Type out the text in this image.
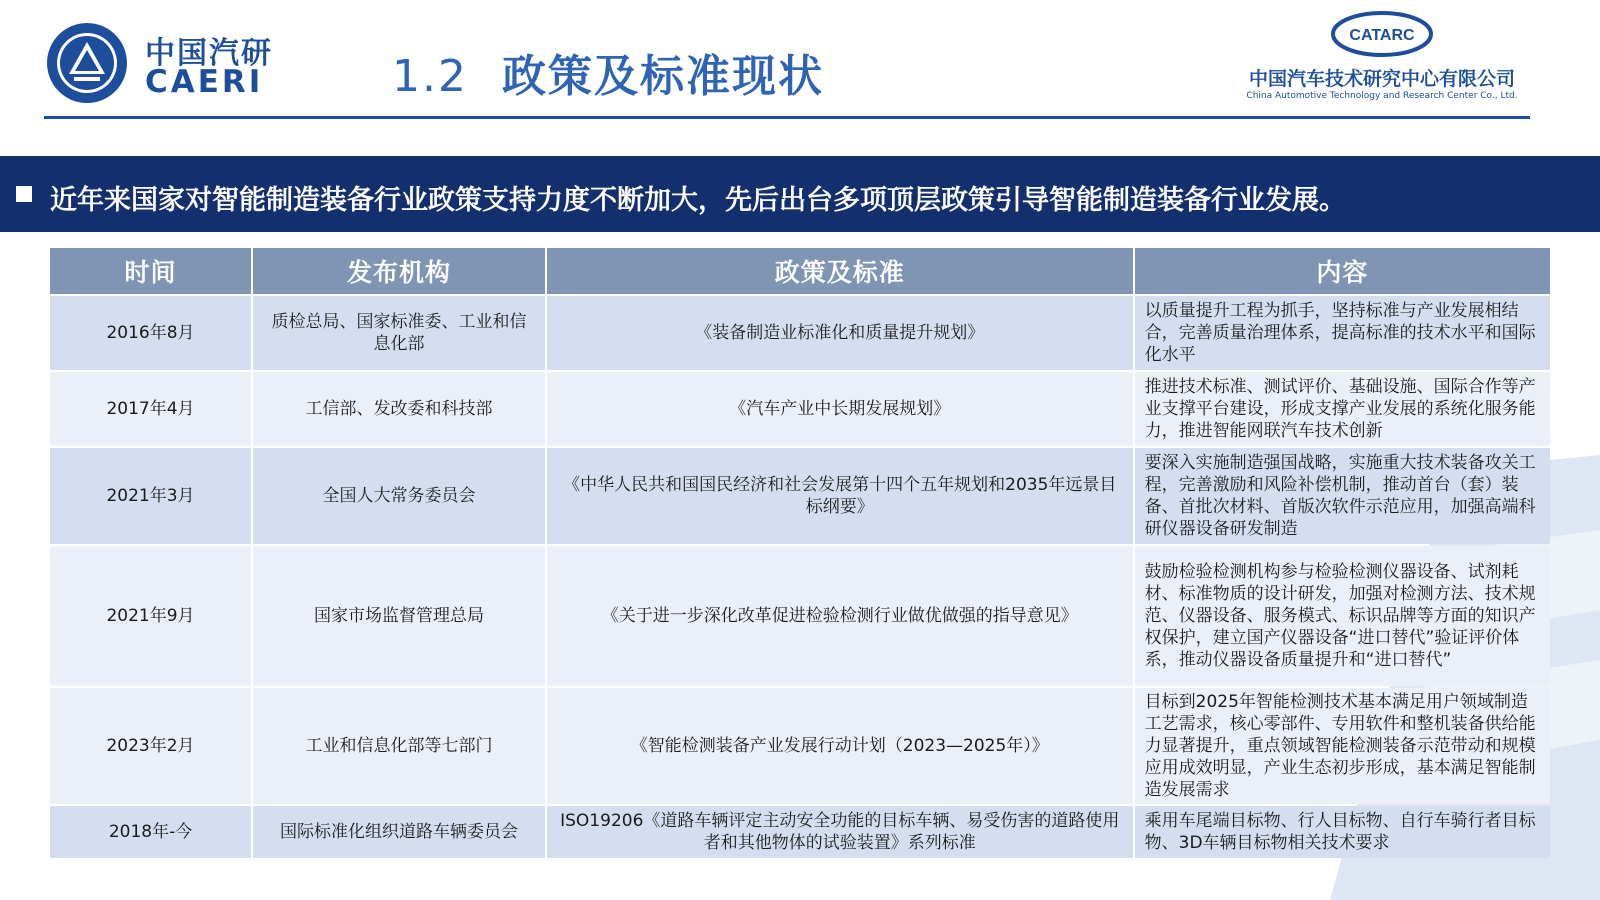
中国汽研
CAERI	1.2 政策及标准现状
CATARC
中国汽车技术研究中心有限公司
China Automotive Technology and Research Center Co., Ltd.
近年来国家对智能制造装备行业政策支持力度不断加大，先后出台多项顶层政策引导智能制造装备行业发展。
时间	发布机构	政策及标准	内容
2016年8月	质检总局、国家标准委、工业和信息化部	《装备制造业标准化和质量提升规划》	以质量提升工程为抓手，坚持标准与产业发展相结合，完善质量治理体系，提高标准的技术水平和国际化水平
2017年4月	工信部、发改委和科技部	《汽车产业中长期发展规划》	推进技术标准、测试评价、基础设施、国际合作等产业支撑平台建设，形成支撑产业发展的系统化服务能力，推进智能网联汽车技术创新
2021年3月	全国人大常务委员会	《中华人民共和国国民经济和社会发展第十四个五年规划和2035年远景目标纲要》	要深入实施制造强国战略，实施重大技术装备攻关工程，完善激励和风险补偿机制，推动首台（套）装备、首批次材料、首版次软件示范应用，加强高端科研仪器设备研发制造
2021年9月	国家市场监督管理总局	《关于进一步深化改革促进检验检测行业做优做强的指导意见》	鼓励检验检测机构参与检验检测仪器设备、试剂耗材、标准物质的设计研发，加强对检测方法、技术规范、仪器设备、服务模式、标识品牌等方面的知识产权保护，建立国产仪器设备“进口替代”验证评价体系，推动仪器设备质量提升和“进口替代”
2023年2月	工业和信息化部等七部门	《智能检测装备产业发展行动计划（2023—2025年）》	目标到2025年智能检测技术基本满足用户领域制造工艺需求，核心零部件、专用软件和整机装备供给能力显著提升，重点领域智能检测装备示范带动和规模应用成效明显，产业生态初步形成，基本满足智能制造发展需求
2018年-今	国际标准化组织道路车辆委员会	ISO19206《道路车辆评定主动安全功能的目标车辆、易受伤害的道路使用者和其他物体的试验装置》系列标准	乘用车尾端目标物、行人目标物、自行车骑行者目标物、3D车辆目标物相关技术要求
